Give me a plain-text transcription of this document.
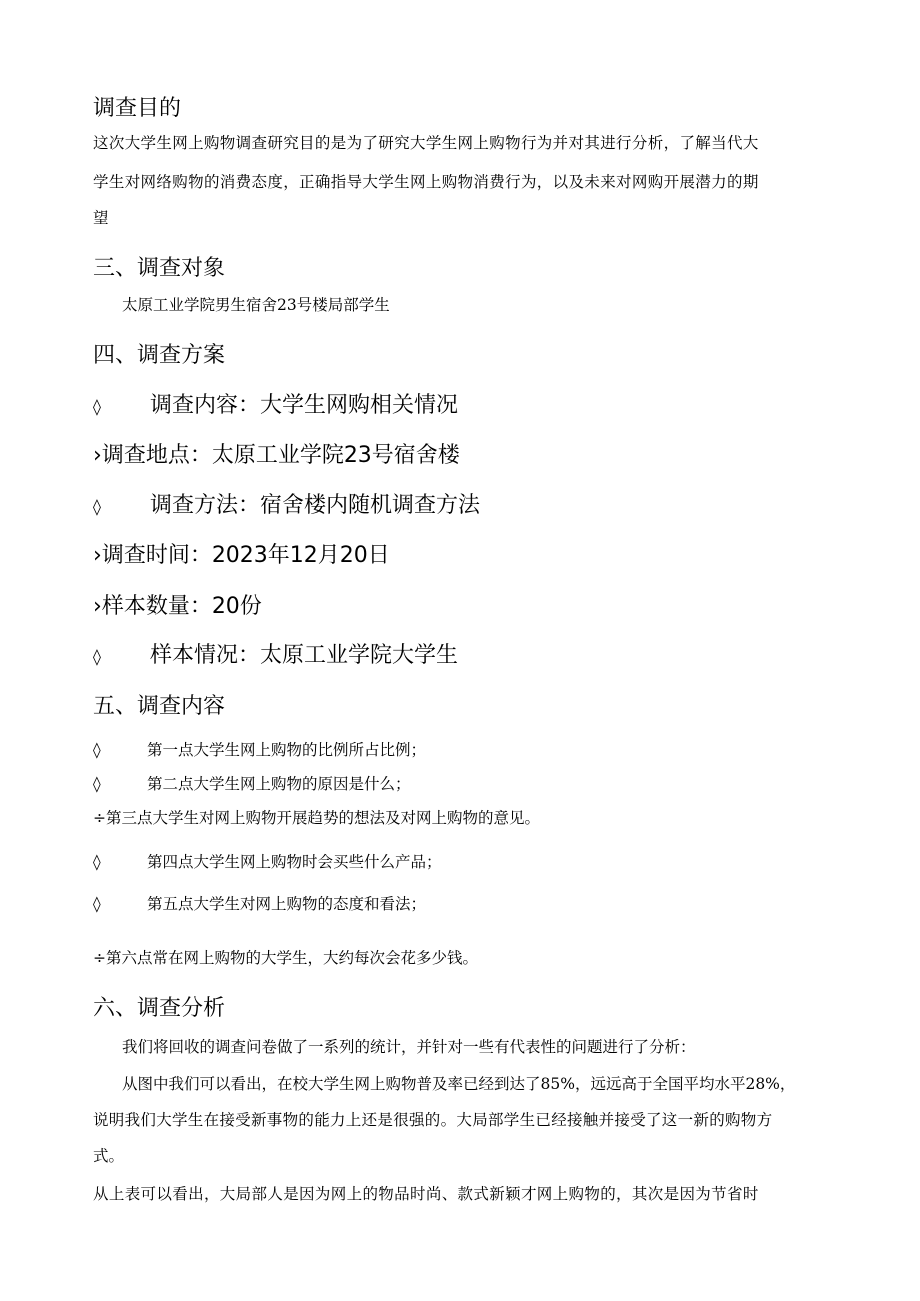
调查目的
这次大学生网上购物调查研究目的是为了研究大学生网上购物行为并对其进行分析，了解当代大
学生对网络购物的消费态度，正确指导大学生网上购物消费行为，以及未来对网购开展潜力的期
望
三、调查对象
太原工业学院男生宿舍23号楼局部学生
四、调查方案
◊ 调查内容：大学生网购相关情况
›调查地点：太原工业学院23号宿舍楼
◊ 调查方法：宿舍楼内随机调查方法
›调查时间：2023年12月20日
›样本数量：20份
◊ 样本情况：太原工业学院大学生
五、调查内容
◊	第一点大学生网上购物的比例所占比例；
◊	第二点大学生网上购物的原因是什么；
÷第三点大学生对网上购物开展趋势的想法及对网上购物的意见。
◊	第四点大学生网上购物时会买些什么产品；
◊	第五点大学生对网上购物的态度和看法；
÷第六点常在网上购物的大学生，大约每次会花多少钱。
六、调查分析
我们将回收的调查问卷做了一系列的统计，并针对一些有代表性的问题进行了分析：
从图中我们可以看出，在校大学生网上购物普及率已经到达了85%，远远高于全国平均水平28%，
说明我们大学生在接受新事物的能力上还是很强的。大局部学生已经接触并接受了这一新的购物方
式。
从上表可以看出，大局部人是因为网上的物品时尚、款式新颖才网上购物的，其次是因为节省时
